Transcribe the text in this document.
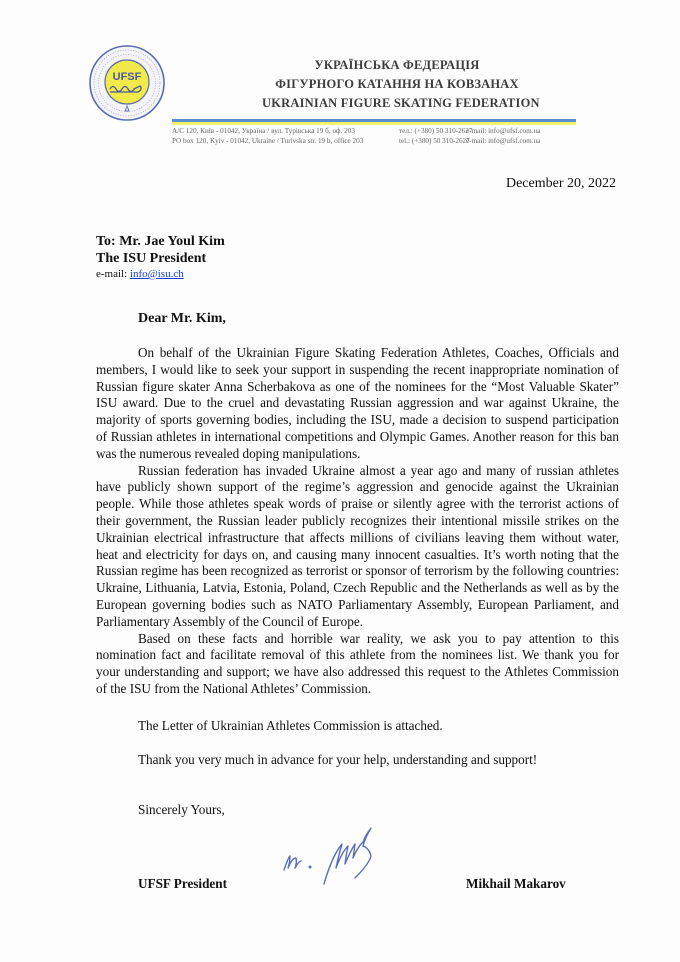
UFSF
УКРАЇНСЬКА ФЕДЕРАЦІЯ
ФІГУРНОГО КАТАННЯ НА КОВЗАНАХ
UKRAINIAN FIGURE SKATING FEDERATION
А/С 120, Київ - 01042, Україна / вул. Турівська 19 б, оф. 203
PO box 120, Kyiv - 01042, Ukraine / Turivska str. 19 b, office 203
тел.: (+380) 50 310-2627
tel.: (+380) 50 310-2627
e-mail: info@ufsf.com.ua
e-mail: info@ufsf.com.ua
December 20, 2022
To: Mr. Jae Youl Kim
The ISU President
e-mail: info@isu.ch
Dear Mr. Kim,

On behalf of the Ukrainian Figure Skating Federation Athletes, Coaches, Officials and members, I would like to seek your support in suspending the recent inappropriate nomination of Russian figure skater Anna Scherbakova as one of the nominees for the “Most Valuable Skater” ISU award. Due to the cruel and devastating Russian aggression and war against Ukraine, the majority of sports governing bodies, including the ISU, made a decision to suspend participation of Russian athletes in international competitions and Olympic Games. Another reason for this ban was the numerous revealed doping manipulations.

Russian federation has invaded Ukraine almost a year ago and many of russian athletes have publicly shown support of the regime’s aggression and genocide against the Ukrainian people. While those athletes speak words of praise or silently agree with the terrorist actions of their government, the Russian leader publicly recognizes their intentional missile strikes on the Ukrainian electrical infrastructure that affects millions of civilians leaving them without water, heat and electricity for days on, and causing many innocent casualties. It’s worth noting that the Russian regime has been recognized as terrorist or sponsor of terrorism by the following countries: Ukraine, Lithuania, Latvia, Estonia, Poland, Czech Republic and the Netherlands as well as by the European governing bodies such as NATO Parliamentary Assembly, European Parliament, and Parliamentary Assembly of the Council of Europe.

Based on these facts and horrible war reality, we ask you to pay attention to this nomination fact and facilitate removal of this athlete from the nominees list. We thank you for your understanding and support; we have also addressed this request to the Athletes Commission of the ISU from the National Athletes’ Commission.

The Letter of Ukrainian Athletes Commission is attached.
Thank you very much in advance for your help, understanding and support!
Sincerely Yours,
UFSF President	Mikhail Makarov
